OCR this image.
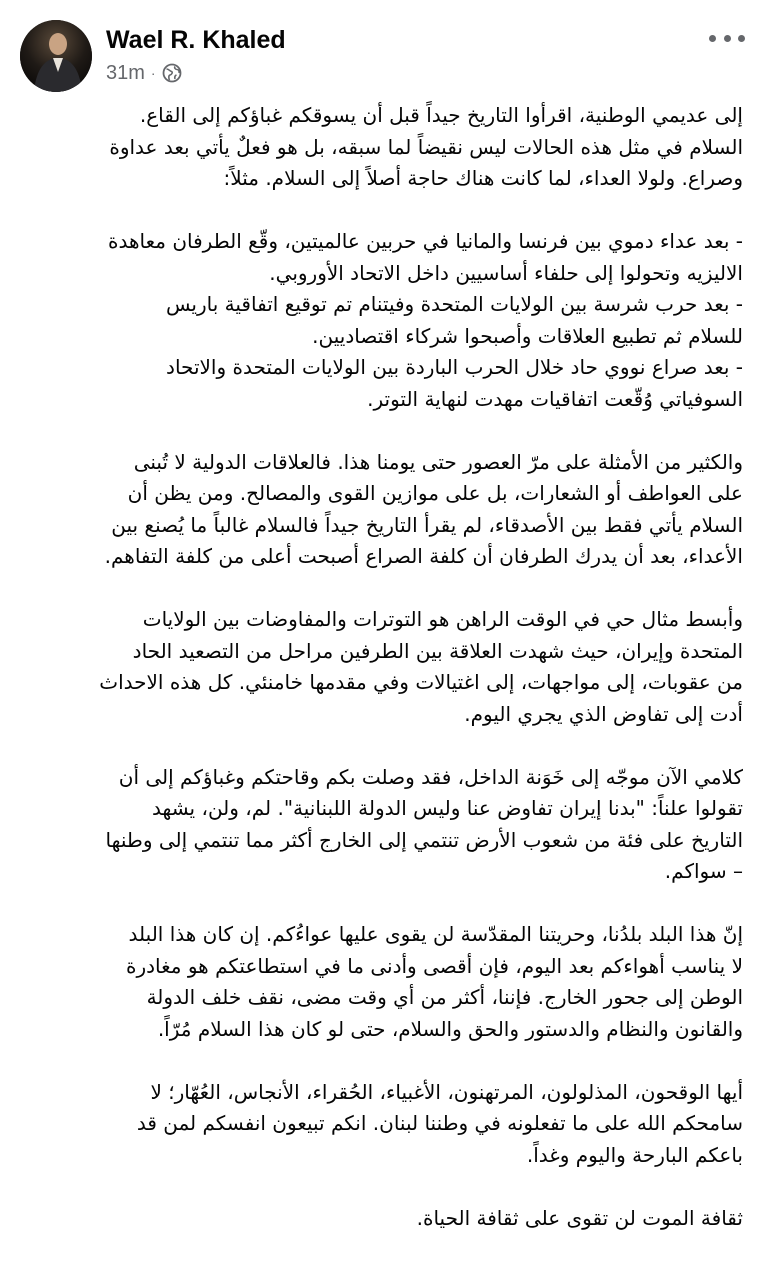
Wael R. Khaled
31m ·
إلى عديمي الوطنية، اقرأوا التاريخ جيداً قبل أن يسوقكم غباؤكم إلى القاع.
السلام في مثل هذه الحالات ليس نقيضاً لما سبقه، بل هو فعلٌ يأتي بعد عداوة
وصراع. ولولا العداء، لما كانت هناك حاجة أصلاً إلى السلام. مثلاً:
- بعد عداء دموي بين فرنسا والمانيا في حربين عالميتين، وقّع الطرفان معاهدة
الاليزيه وتحولوا إلى حلفاء أساسيين داخل الاتحاد الأوروبي.
- بعد حرب شرسة بين الولايات المتحدة وفيتنام تم توقيع اتفاقية باريس
للسلام ثم تطبيع العلاقات وأصبحوا شركاء اقتصاديين.
- بعد صراع نووي حاد خلال الحرب الباردة بين الولايات المتحدة والاتحاد
السوفياتي وُقّعت اتفاقيات مهدت لنهاية التوتر.
والكثير من الأمثلة على مرّ العصور حتى يومنا هذا. فالعلاقات الدولية لا تُبنى
على العواطف أو الشعارات، بل على موازين القوى والمصالح. ومن يظن أن
السلام يأتي فقط بين الأصدقاء، لم يقرأ التاريخ جيداً فالسلام غالباً ما يُصنع بين
الأعداء، بعد أن يدرك الطرفان أن كلفة الصراع أصبحت أعلى من كلفة التفاهم.
وأبسط مثال حي في الوقت الراهن هو التوترات والمفاوضات بين الولايات
المتحدة وإيران، حيث شهدت العلاقة بين الطرفين مراحل من التصعيد الحاد
من عقوبات، إلى مواجهات، إلى اغتيالات وفي مقدمها خامنئي. كل هذه الاحداث
أدت إلى تفاوض الذي يجري اليوم.
كلامي الآن موجّه إلى خَوَنة الداخل، فقد وصلت بكم وقاحتكم وغباؤكم إلى أن
تقولوا علناً: "بدنا إيران تفاوض عنا وليس الدولة اللبنانية". لم، ولن، يشهد
التاريخ على فئة من شعوب الأرض تنتمي إلى الخارج أكثر مما تنتمي إلى وطنها
– سواكم.
إنّ هذا البلد بلدُنا، وحريتنا المقدّسة لن يقوى عليها عواءُكم. إن كان هذا البلد
لا يناسب أهواءكم بعد اليوم، فإن أقصى وأدنى ما في استطاعتكم هو مغادرة
الوطن إلى جحور الخارج. فإننا، أكثر من أي وقت مضى، نقف خلف الدولة
والقانون والنظام والدستور والحق والسلام، حتى لو كان هذا السلام مُرّاً.
أيها الوقحون، المذلولون، المرتهنون، الأغبياء، الحُقراء، الأنجاس، العُهّار؛ لا
سامحكم الله على ما تفعلونه في وطننا لبنان. انكم تبيعون انفسكم لمن قد
باعكم البارحة واليوم وغداً.
ثقافة الموت لن تقوى على ثقافة الحياة.
